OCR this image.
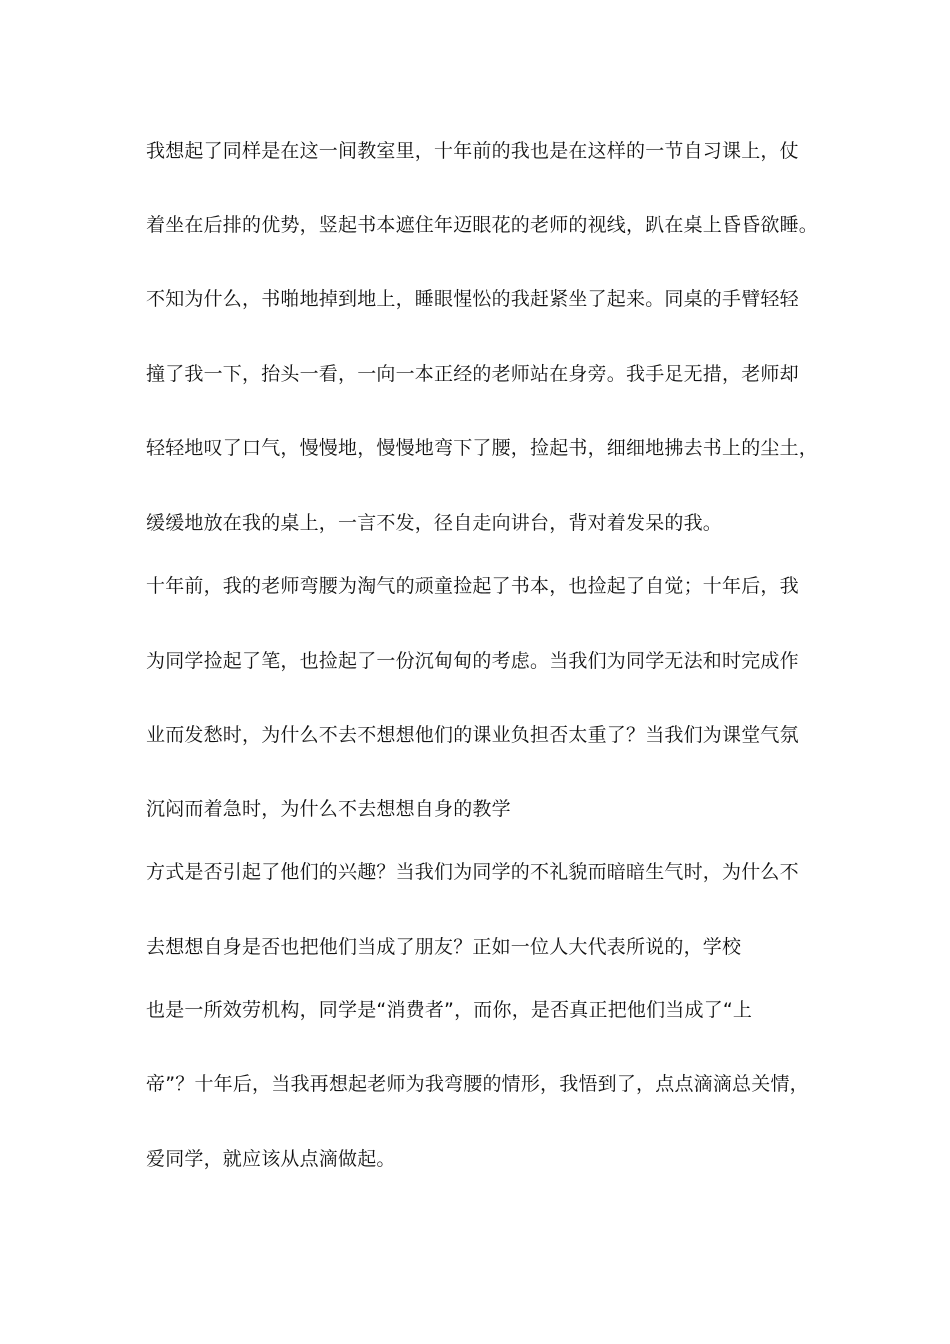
我想起了同样是在这一间教室里，十年前的我也是在这样的一节自习课上，仗
着坐在后排的优势，竖起书本遮住年迈眼花的老师的视线，趴在桌上昏昏欲睡。
不知为什么，书啪地掉到地上，睡眼惺忪的我赶紧坐了起来。同桌的手臂轻轻
撞了我一下，抬头一看，一向一本正经的老师站在身旁。我手足无措，老师却
轻轻地叹了口气，慢慢地，慢慢地弯下了腰，捡起书，细细地拂去书上的尘土，
缓缓地放在我的桌上，一言不发，径自走向讲台，背对着发呆的我。
十年前，我的老师弯腰为淘气的顽童捡起了书本，也捡起了自觉；十年后，我
为同学捡起了笔，也捡起了一份沉甸甸的考虑。当我们为同学无法和时完成作
业而发愁时，为什么不去不想想他们的课业负担否太重了？当我们为课堂气氛
沉闷而着急时，为什么不去想想自身的教学
方式是否引起了他们的兴趣？当我们为同学的不礼貌而暗暗生气时，为什么不
去想想自身是否也把他们当成了朋友？正如一位人大代表所说的，学校
也是一所效劳机构，同学是“消费者”，而你，是否真正把他们当成了“上
帝”？十年后，当我再想起老师为我弯腰的情形，我悟到了，点点滴滴总关情，
爱同学，就应该从点滴做起。
